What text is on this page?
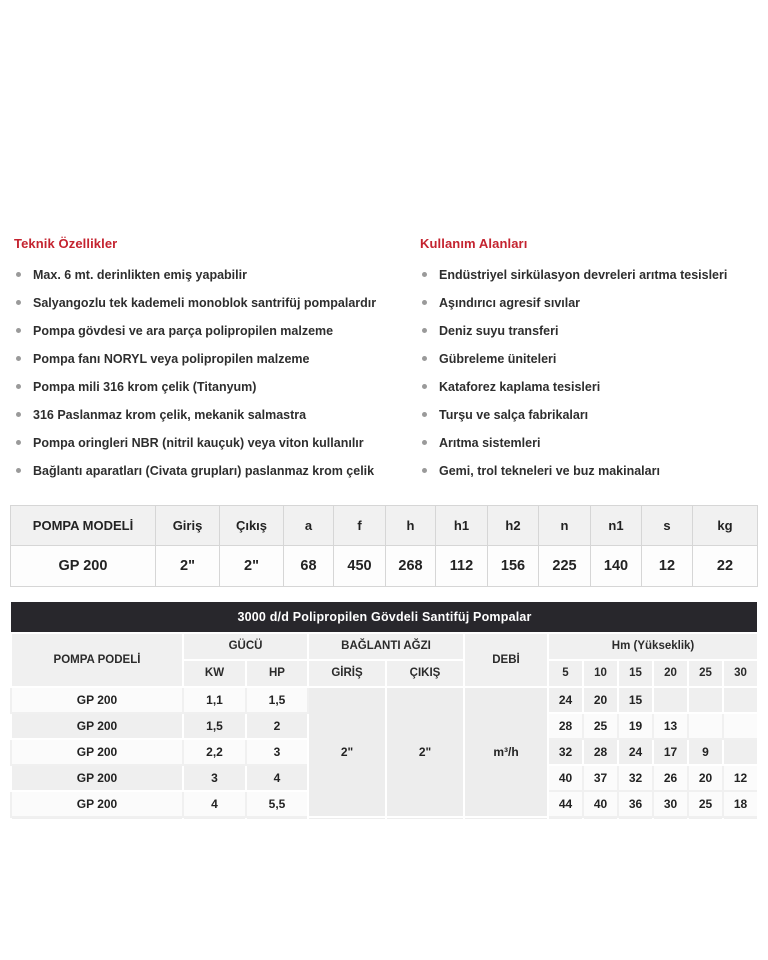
Teknik Özellikler
Max. 6 mt. derinlikten emiş yapabilir
Salyangozlu tek kademeli monoblok santrifüj pompalardır
Pompa gövdesi ve ara parça polipropilen malzeme
Pompa fanı NORYL veya polipropilen malzeme
Pompa mili 316 krom çelik (Titanyum)
316 Paslanmaz krom çelik, mekanik salmastra
Pompa oringleri NBR (nitril kauçuk) veya viton kullanılır
Bağlantı aparatları (Civata grupları) paslanmaz krom çelik
Kullanım Alanları
Endüstriyel sirkülasyon devreleri arıtma tesisleri
Aşındırıcı agresif sıvılar
Deniz suyu transferi
Gübreleme üniteleri
Kataforez kaplama tesisleri
Turşu ve salça fabrikaları
Arıtma sistemleri
Gemi, trol tekneleri ve buz makinaları
POMPA MODELİ	Giriş	Çıkış	a	f	h	h1	h2	n	n1	s	kg
GP 200	2"	2"	68	450	268	112	156	225	140	12	22
3000 d/d Polipropilen Gövdeli Santifüj Pompalar											
POMPA PODELİ	GÜCÜ		BAĞLANTI AĞZI		DEBİ	Hm (Yükseklik)					
	KW	HP	GİRİŞ	ÇIKIŞ		5	10	15	20	25	30
GP 200	1,1	1,5	2"	2"	m³/h	24	20	15			
GP 200	1,5	2				28	25	19	13		
GP 200	2,2	3				32	28	24	17	9	
GP 200	3	4				40	37	32	26	20	12
GP 200	4	5,5				44	40	36	30	25	18
